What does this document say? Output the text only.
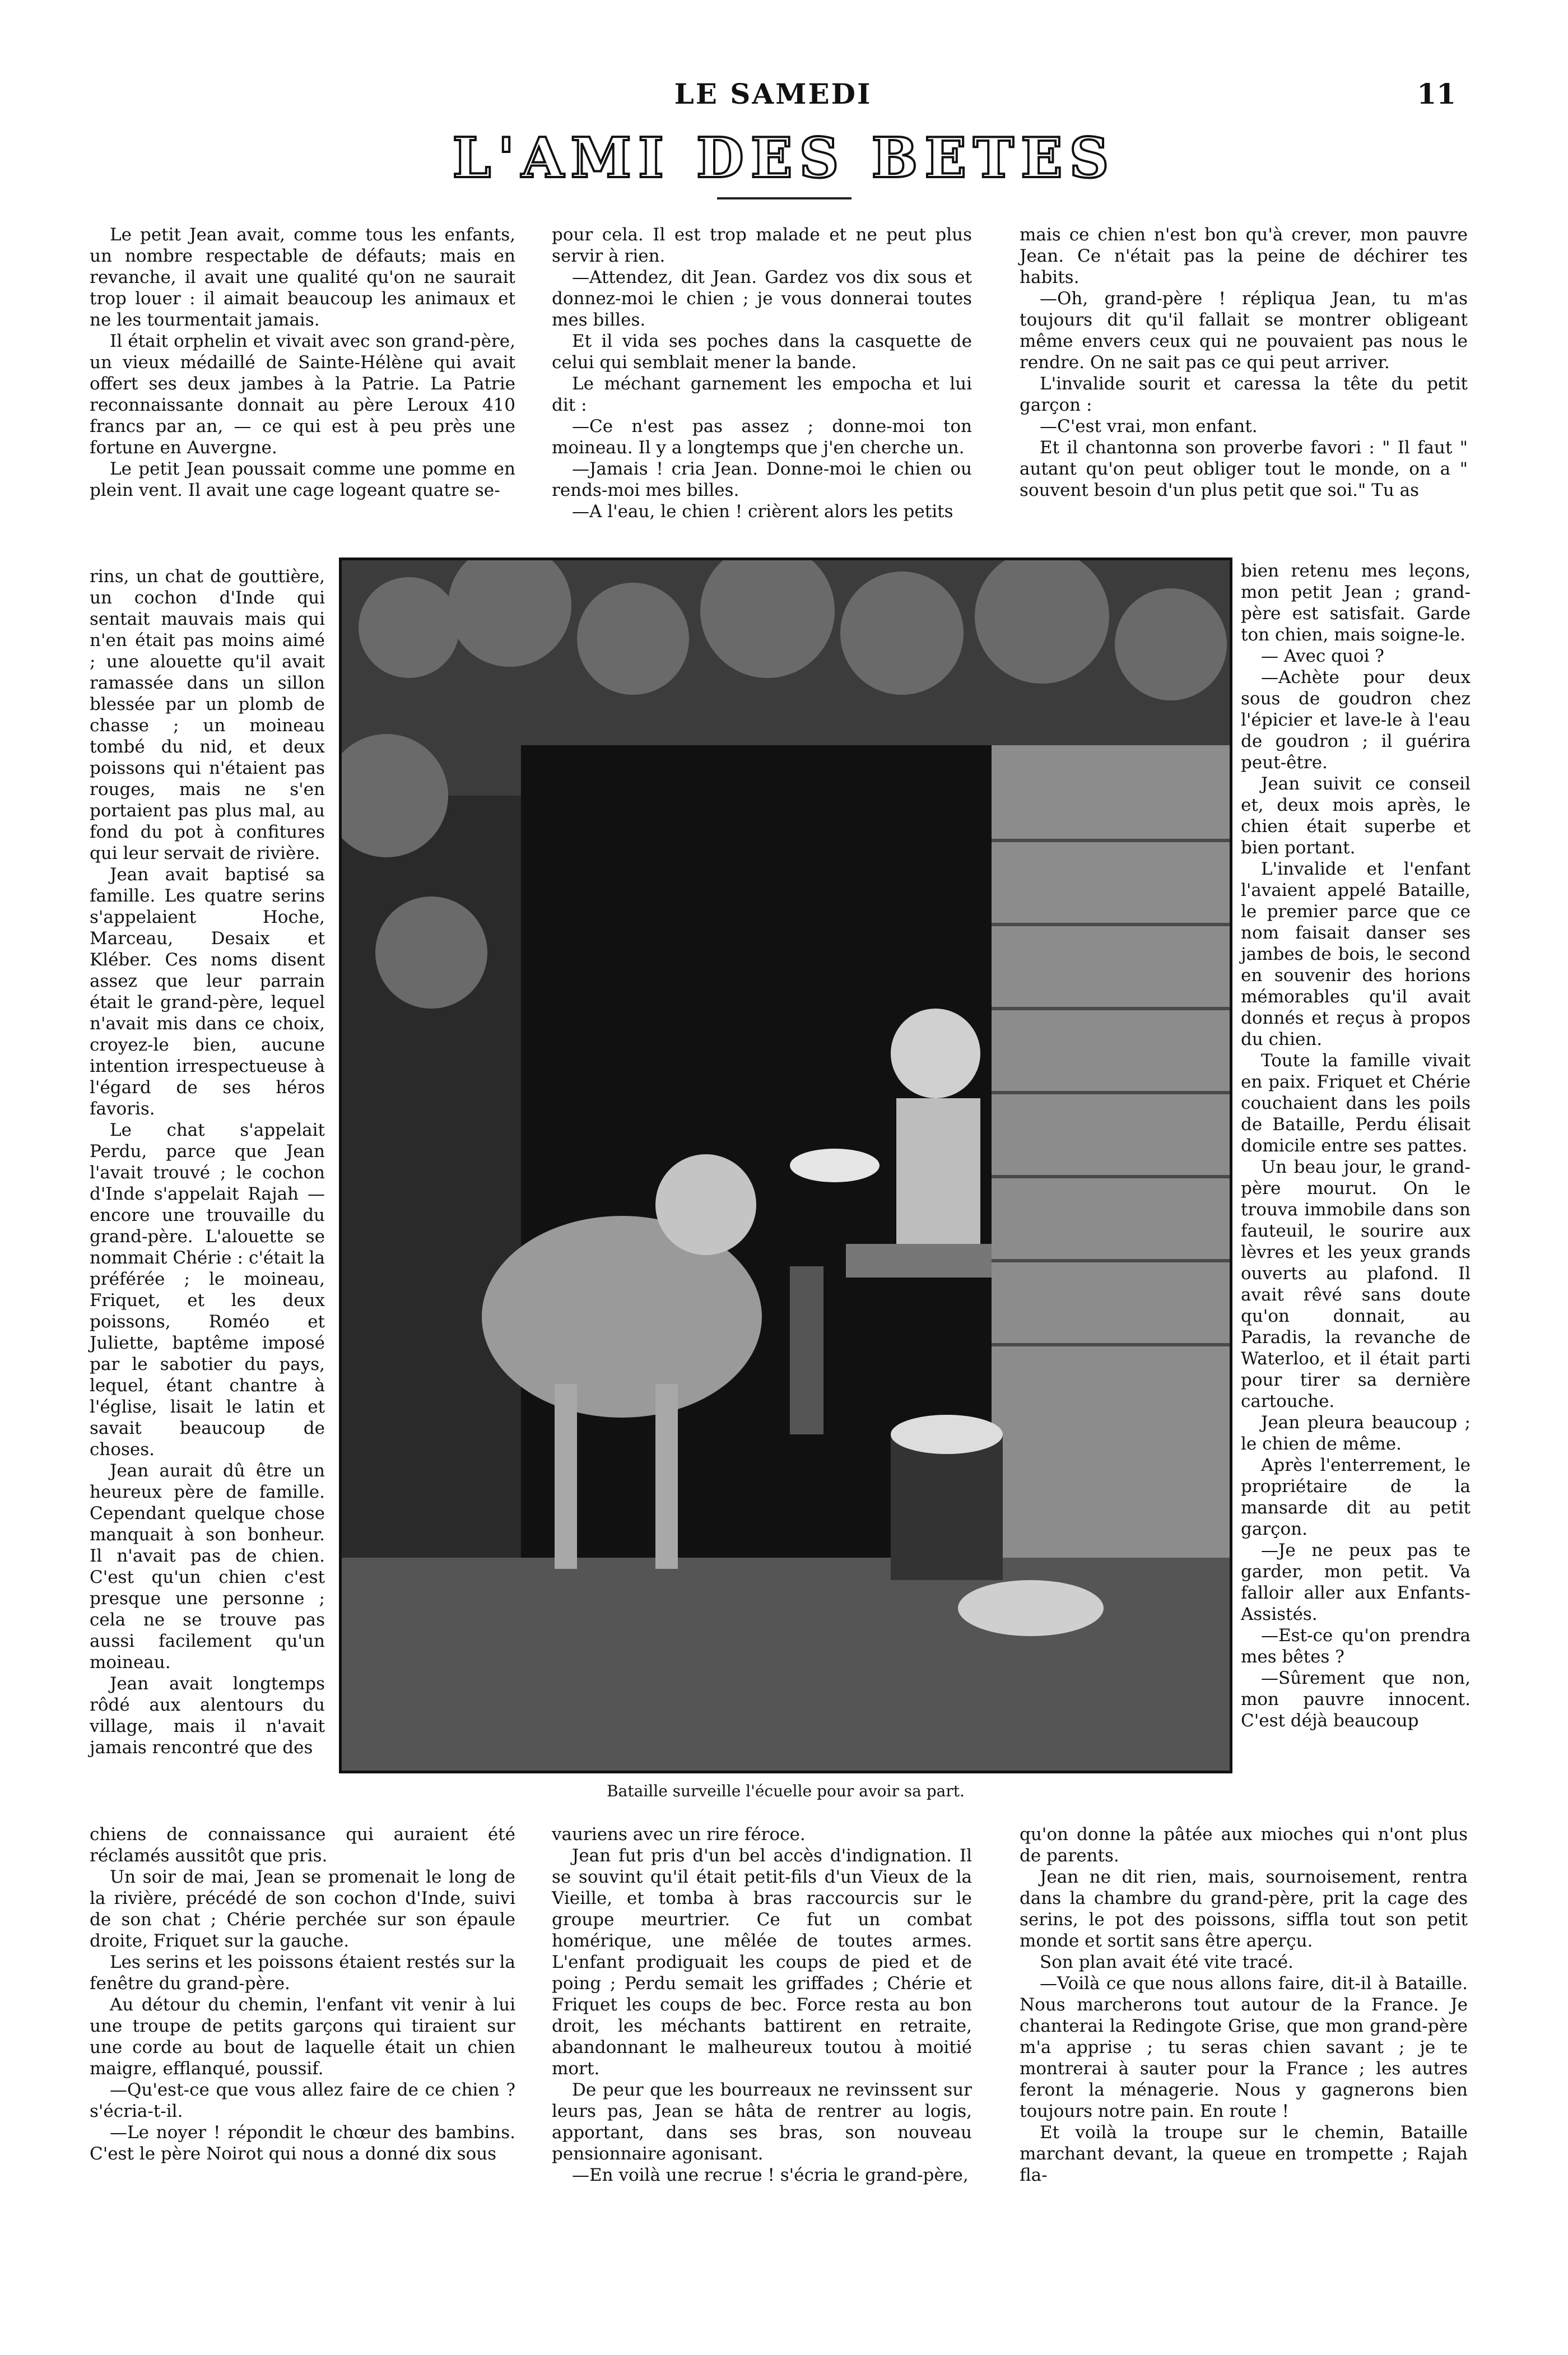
LE SAMEDI	11
L'AMI DES BETES

Le petit Jean avait, comme tous les enfants, un nombre respectable de défauts; mais en revanche, il avait une qualité qu'on ne saurait trop louer : il aimait beaucoup les animaux et ne les tourmentait jamais.

Il était orphelin et vivait avec son grand-père, un vieux médaillé de Sainte-Hélène qui avait offert ses deux jambes à la Patrie. La Patrie reconnaissante donnait au père Leroux 410 francs par an, — ce qui est à peu près une fortune en Auvergne.

Le petit Jean poussait comme une pomme en plein vent. Il avait une cage logeant quatre se-

rins, un chat de gouttière, un cochon d'Inde qui sentait mauvais mais qui n'en était pas moins aimé ; une alouette qu'il avait ramassée dans un sillon blessée par un plomb de chasse ; un moineau tombé du nid, et deux poissons qui n'étaient pas rouges, mais ne s'en portaient pas plus mal, au fond du pot à confitures qui leur servait de rivière.

Jean avait baptisé sa famille. Les quatre serins s'appelaient Hoche, Marceau, Desaix et Kléber. Ces noms disent assez que leur parrain était le grand-père, lequel n'avait mis dans ce choix, croyez-le bien, aucune intention irrespectueuse à l'égard de ses héros favoris.

Le chat s'appelait Perdu, parce que Jean l'avait trouvé ; le cochon d'Inde s'appelait Rajah — encore une trouvaille du grand-père. L'alouette se nommait Chérie : c'était la préférée ; le moineau, Friquet, et les deux poissons, Roméo et Juliette, baptême imposé par le sabotier du pays, lequel, étant chantre à l'église, lisait le latin et savait beaucoup de choses.

Jean aurait dû être un heureux père de famille. Cependant quelque chose manquait à son bonheur. Il n'avait pas de chien. C'est qu'un chien c'est presque une personne ; cela ne se trouve pas aussi facilement qu'un moineau.

Jean avait longtemps rôdé aux alentours du village, mais il n'avait jamais rencontré que des

chiens de connaissance qui auraient été réclamés aussitôt que pris.

Un soir de mai, Jean se promenait le long de la rivière, précédé de son cochon d'Inde, suivi de son chat ; Chérie perchée sur son épaule droite, Friquet sur la gauche.

Les serins et les poissons étaient restés sur la fenêtre du grand-père.

Au détour du chemin, l'enfant vit venir à lui une troupe de petits garçons qui tiraient sur une corde au bout de laquelle était un chien maigre, efflanqué, poussif.

—Qu'est-ce que vous allez faire de ce chien ? s'écria-t-il.

—Le noyer ! répondit le chœur des bambins. C'est le père Noirot qui nous a donné dix sous

pour cela. Il est trop malade et ne peut plus servir à rien.

—Attendez, dit Jean. Gardez vos dix sous et donnez-moi le chien ; je vous donnerai toutes mes billes.

Et il vida ses poches dans la casquette de celui qui semblait mener la bande.

Le méchant garnement les empocha et lui dit :

—Ce n'est pas assez ; donne-moi ton moineau. Il y a longtemps que j'en cherche un.

—Jamais ! cria Jean. Donne-moi le chien ou rends-moi mes billes.

—A l'eau, le chien ! crièrent alors les petits

vauriens avec un rire féroce.

Jean fut pris d'un bel accès d'indignation. Il se souvint qu'il était petit-fils d'un Vieux de la Vieille, et tomba à bras raccourcis sur le groupe meurtrier. Ce fut un combat homérique, une mêlée de toutes armes. L'enfant prodiguait les coups de pied et de poing ; Perdu semait les griffades ; Chérie et Friquet les coups de bec. Force resta au bon droit, les méchants battirent en retraite, abandonnant le malheureux toutou à moitié mort.

De peur que les bourreaux ne revinssent sur leurs pas, Jean se hâta de rentrer au logis, apportant, dans ses bras, son nouveau pensionnaire agonisant.

—En voilà une recrue ! s'écria le grand-père,

mais ce chien n'est bon qu'à crever, mon pauvre Jean. Ce n'était pas la peine de déchirer tes habits.

—Oh, grand-père ! répliqua Jean, tu m'as toujours dit qu'il fallait se montrer obligeant même envers ceux qui ne pouvaient pas nous le rendre. On ne sait pas ce qui peut arriver.

L'invalide sourit et caressa la tête du petit garçon :

—C'est vrai, mon enfant.

Et il chantonna son proverbe favori : " Il faut " autant qu'on peut obliger tout le monde, on a " souvent besoin d'un plus petit que soi." Tu as

bien retenu mes leçons, mon petit Jean ; grand-père est satisfait. Garde ton chien, mais soigne-le.

— Avec quoi ?

—Achète pour deux sous de goudron chez l'épicier et lave-le à l'eau de goudron ; il guérira peut-être.

Jean suivit ce conseil et, deux mois après, le chien était superbe et bien portant.

L'invalide et l'enfant l'avaient appelé Bataille, le premier parce que ce nom faisait danser ses jambes de bois, le second en souvenir des horions mémorables qu'il avait donnés et reçus à propos du chien.

Toute la famille vivait en paix. Friquet et Chérie couchaient dans les poils de Bataille, Perdu élisait domicile entre ses pattes.

Un beau jour, le grand-père mourut. On le trouva immobile dans son fauteuil, le sourire aux lèvres et les yeux grands ouverts au plafond. Il avait rêvé sans doute qu'on donnait, au Paradis, la revanche de Waterloo, et il était parti pour tirer sa dernière cartouche.

Jean pleura beaucoup ; le chien de même.

Après l'enterrement, le propriétaire de la mansarde dit au petit garçon.

—Je ne peux pas te garder, mon petit. Va falloir aller aux Enfants-Assistés.

—Est-ce qu'on prendra mes bêtes ?

—Sûrement que non, mon pauvre innocent. C'est déjà beaucoup

qu'on donne la pâtée aux mioches qui n'ont plus de parents.

Jean ne dit rien, mais, sournoisement, rentra dans la chambre du grand-père, prit la cage des serins, le pot des poissons, siffla tout son petit monde et sortit sans être aperçu.

Son plan avait été vite tracé.

—Voilà ce que nous allons faire, dit-il à Bataille. Nous marcherons tout autour de la France. Je chanterai la Redingote Grise, que mon grand-père m'a apprise ; tu seras chien savant ; je te montrerai à sauter pour la France ; les autres feront la ménagerie. Nous y gagnerons bien toujours notre pain. En route !

Et voilà la troupe sur le chemin, Bataille marchant devant, la queue en trompette ; Rajah fla-

Bataille surveille l'écuelle pour avoir sa part.
